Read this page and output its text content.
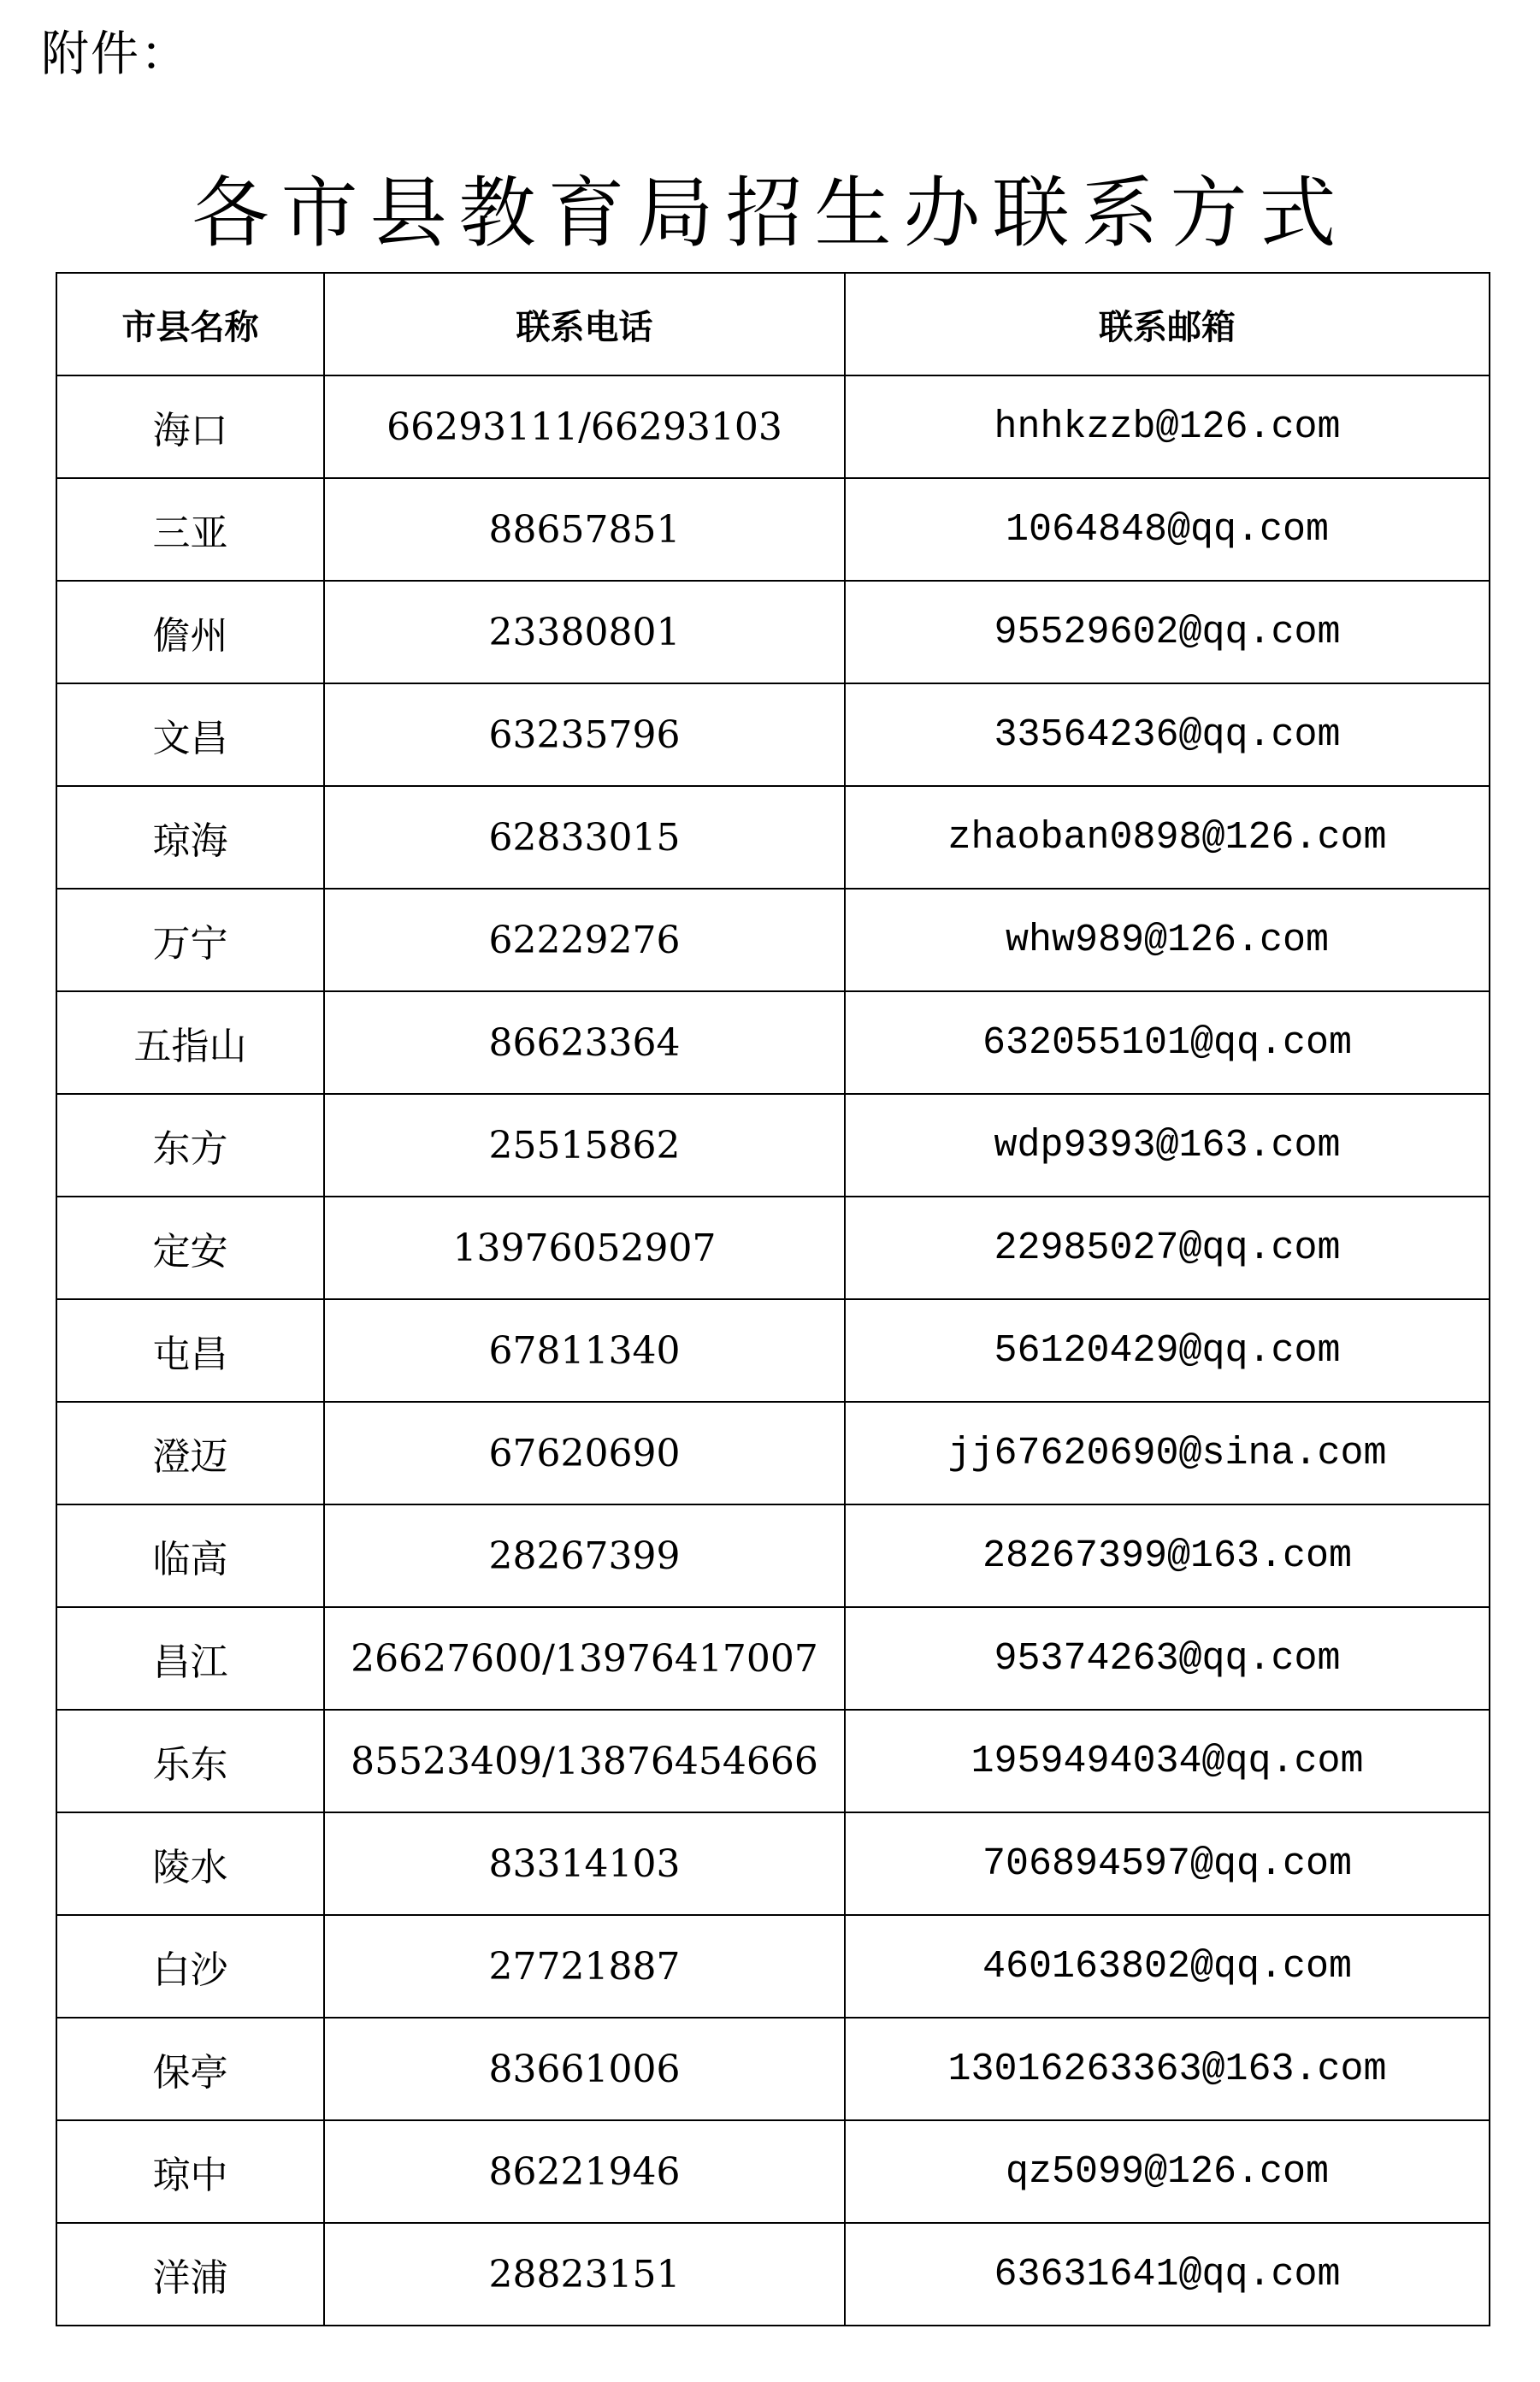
附件：
各市县教育局招生办联系方式
市县名称	联系电话	联系邮箱
海口	66293111/66293103	hnhkzzb@126.com
三亚	88657851	1064848@qq.com
儋州	23380801	95529602@qq.com
文昌	63235796	33564236@qq.com
琼海	62833015	zhaoban0898@126.com
万宁	62229276	whw989@126.com
五指山	86623364	632055101@qq.com
东方	25515862	wdp9393@163.com
定安	13976052907	22985027@qq.com
屯昌	67811340	56120429@qq.com
澄迈	67620690	jj67620690@sina.com
临高	28267399	28267399@163.com
昌江	26627600/13976417007	95374263@qq.com
乐东	85523409/13876454666	1959494034@qq.com
陵水	83314103	706894597@qq.com
白沙	27721887	460163802@qq.com
保亭	83661006	13016263363@163.com
琼中	86221946	qz5099@126.com
洋浦	28823151	63631641@qq.com
